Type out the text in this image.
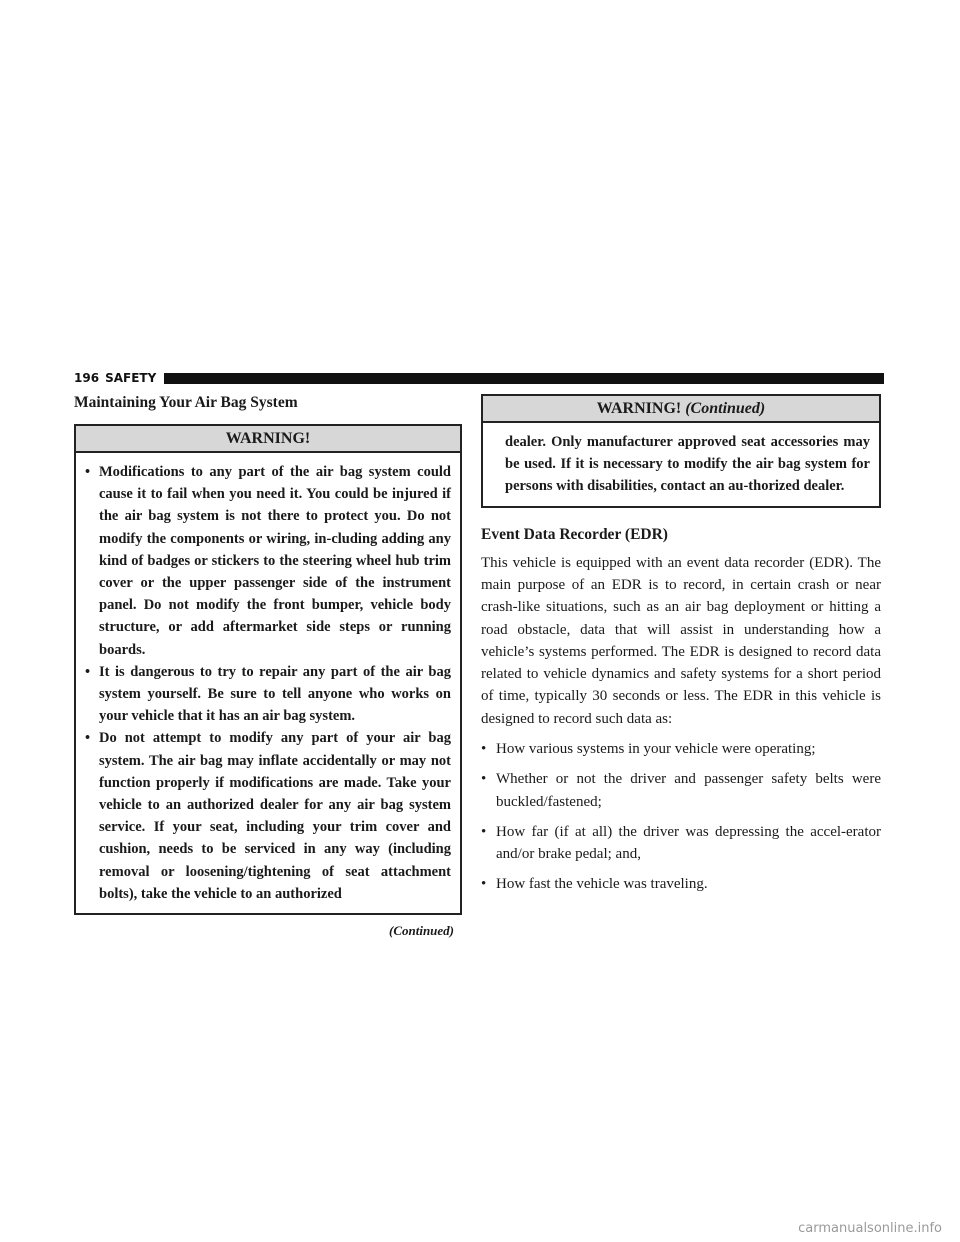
196 SAFETY
Maintaining Your Air Bag System
WARNING!
• Modifications to any part of the air bag system could cause it to fail when you need it. You could be injured if the air bag system is not there to protect you. Do not modify the components or wiring, in-cluding adding any kind of badges or stickers to the steering wheel hub trim cover or the upper passenger side of the instrument panel. Do not modify the front bumper, vehicle body structure, or add aftermarket side steps or running boards.
• It is dangerous to try to repair any part of the air bag system yourself. Be sure to tell anyone who works on your vehicle that it has an air bag system.
• Do not attempt to modify any part of your air bag system. The air bag may inflate accidentally or may not function properly if modifications are made. Take your vehicle to an authorized dealer for any air bag system service. If your seat, including your trim cover and cushion, needs to be serviced in any way (including removal or loosening/tightening of seat attachment bolts), take the vehicle to an authorized
(Continued)
WARNING! (Continued)
dealer. Only manufacturer approved seat accessories may be used. If it is necessary to modify the air bag system for persons with disabilities, contact an au-thorized dealer.
Event Data Recorder (EDR)

This vehicle is equipped with an event data recorder (EDR). The main purpose of an EDR is to record, in certain crash or near crash-like situations, such as an air bag deployment or hitting a road obstacle, data that will assist in understanding how a vehicle’s systems performed. The EDR is designed to record data related to vehicle dynamics and safety systems for a short period of time, typically 30 seconds or less. The EDR in this vehicle is designed to record such data as:

• How various systems in your vehicle were operating;
• Whether or not the driver and passenger safety belts were buckled/fastened;
• How far (if at all) the driver was depressing the accel-erator and/or brake pedal; and,
• How fast the vehicle was traveling.
carmanualsonline.info
